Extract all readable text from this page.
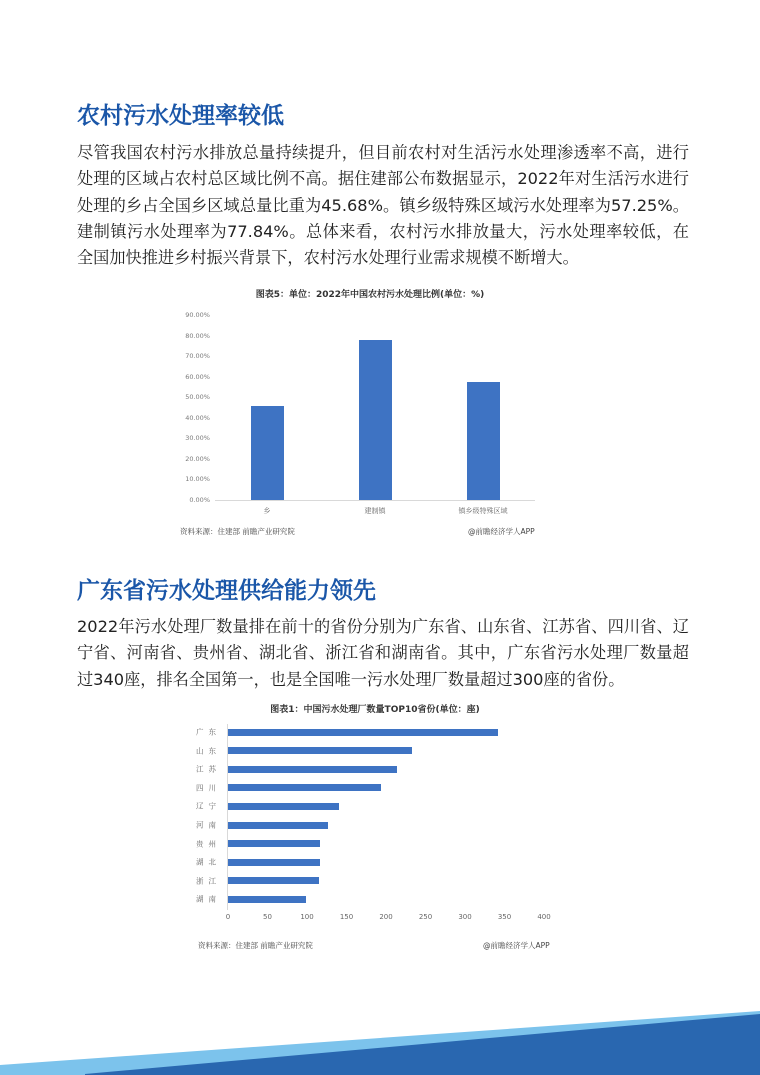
农村污水处理率较低

尽管我国农村污水排放总量持续提升，但目前农村对生活污水处理渗透率不高，进行处理的区域占农村总区域比例不高。据住建部公布数据显示，2022年对生活污水进行处理的乡占全国乡区域总量比重为45.68%。镇乡级特殊区域污水处理率为57.25%。建制镇污水处理率为77.84%。总体来看，农村污水排放量大，污水处理率较低，在全国加快推进乡村振兴背景下，农村污水处理行业需求规模不断增大。

图表5：单位：2022年中国农村污水处理比例(单位：%)
90.00%
80.00%
70.00%
60.00%
50.00%
40.00%
30.00%
20.00%
10.00%
0.00%
乡	建制镇	镇乡级特殊区域
资料来源：住建部 前瞻产业研究院	@前瞻经济学人APP
广东省污水处理供给能力领先

2022年污水处理厂数量排在前十的省份分别为广东省、山东省、江苏省、四川省、辽宁省、河南省、贵州省、湖北省、浙江省和湖南省。其中，广东省污水处理厂数量超过340座，排名全国第一，也是全国唯一污水处理厂数量超过300座的省份。

图表1：中国污水处理厂数量TOP10省份(单位：座)
广东
山东
江苏
四川
辽宁
河南
贵州
湖北
浙江
湖南
0	50	100	150	200	250	300	350	400
资料来源：住建部 前瞻产业研究院	@前瞻经济学人APP
